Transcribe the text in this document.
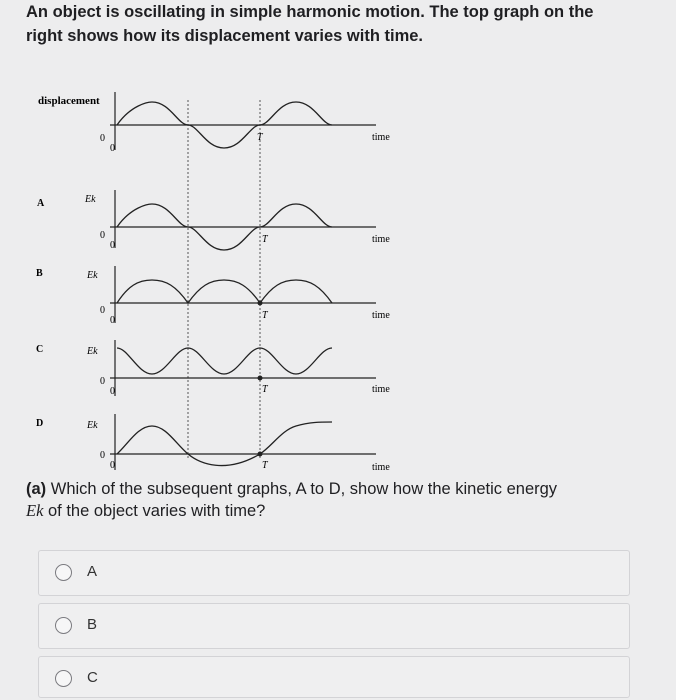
An object is oscillating in simple harmonic motion. The top graph on the
right shows how its displacement varies with time.

displacement
0
0
T	time
A	Ek
0
0
T	time
B	Ek
0
0	T	time
C	Ek
0
0	T	time
D	Ek
0
0	T	time

(a) Which of the subsequent graphs, A to D, show how the kinetic energy
Ek of the object varies with time?

A
B
C
